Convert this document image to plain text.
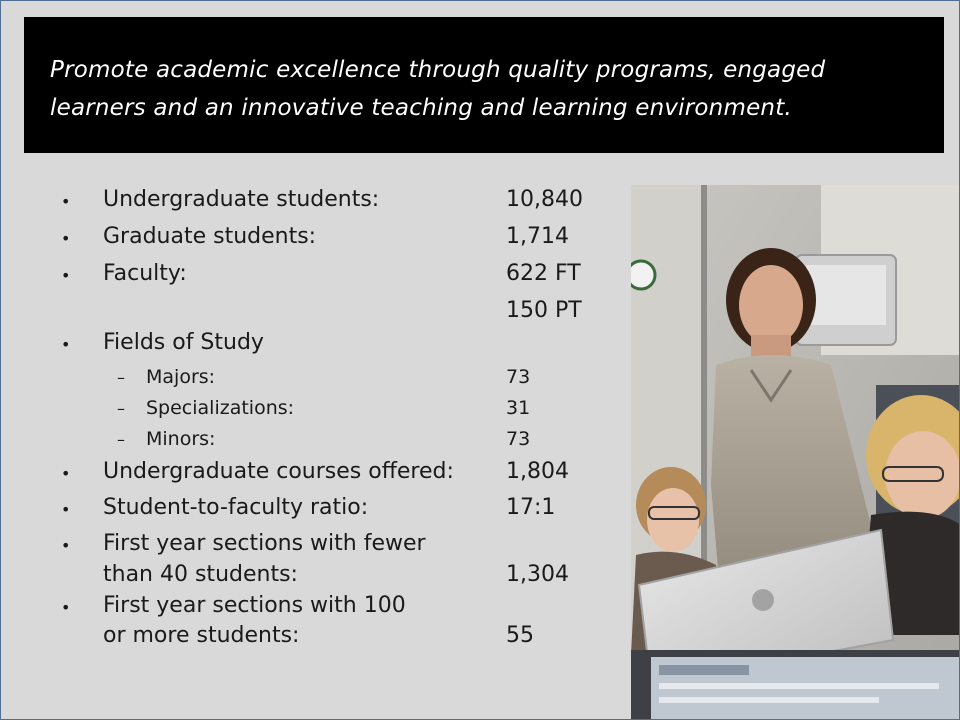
Promote academic excellence through quality programs, engaged

learners and an innovative teaching and learning environment.

• Undergraduate students:	10,840
• Graduate students:	1,714
• Faculty:	622 FT
150 PT
• Fields of Study
– Majors:	73
– Specializations:	31
– Minors:	73
• Undergraduate courses offered: 1,804
• Student-to-faculty ratio:	17:1
• First year sections with fewer
than 40 students:	1,304
• First year sections with 100
or more students:	55
